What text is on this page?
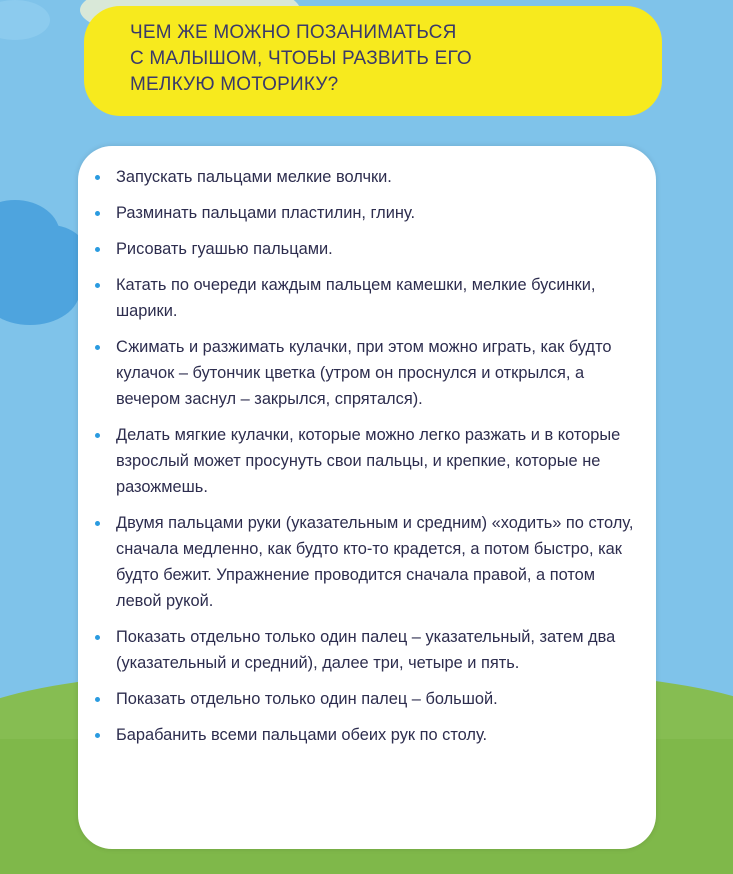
ЧЕМ ЖЕ МОЖНО ПОЗАНИМАТЬСЯ
С МАЛЫШОМ, ЧТОБЫ РАЗВИТЬ ЕГО
МЕЛКУЮ МОТОРИКУ?
Запускать пальцами мелкие волчки.
Разминать пальцами пластилин, глину.
Рисовать гуашью пальцами.
Катать по очереди каждым пальцем камешки, мелкие бусинки, шарики.
Сжимать и разжимать кулачки, при этом можно играть, как будто кулачок – бутончик цветка (утром он проснулся и открылся, а вечером заснул – закрылся, спрятался).
Делать мягкие кулачки, которые можно легко разжать и в которые взрослый может просунуть свои пальцы, и крепкие, которые не разожмешь.
Двумя пальцами руки (указательным и средним) «ходить» по столу, сначала медленно, как будто кто-то крадется, а потом быстро, как будто бежит. Упражнение проводится сначала правой, а потом левой рукой.
Показать отдельно только один палец – указательный, затем два (указательный и средний), далее три, четыре и пять.
Показать отдельно только один палец – большой.
Барабанить всеми пальцами обеих рук по столу.
